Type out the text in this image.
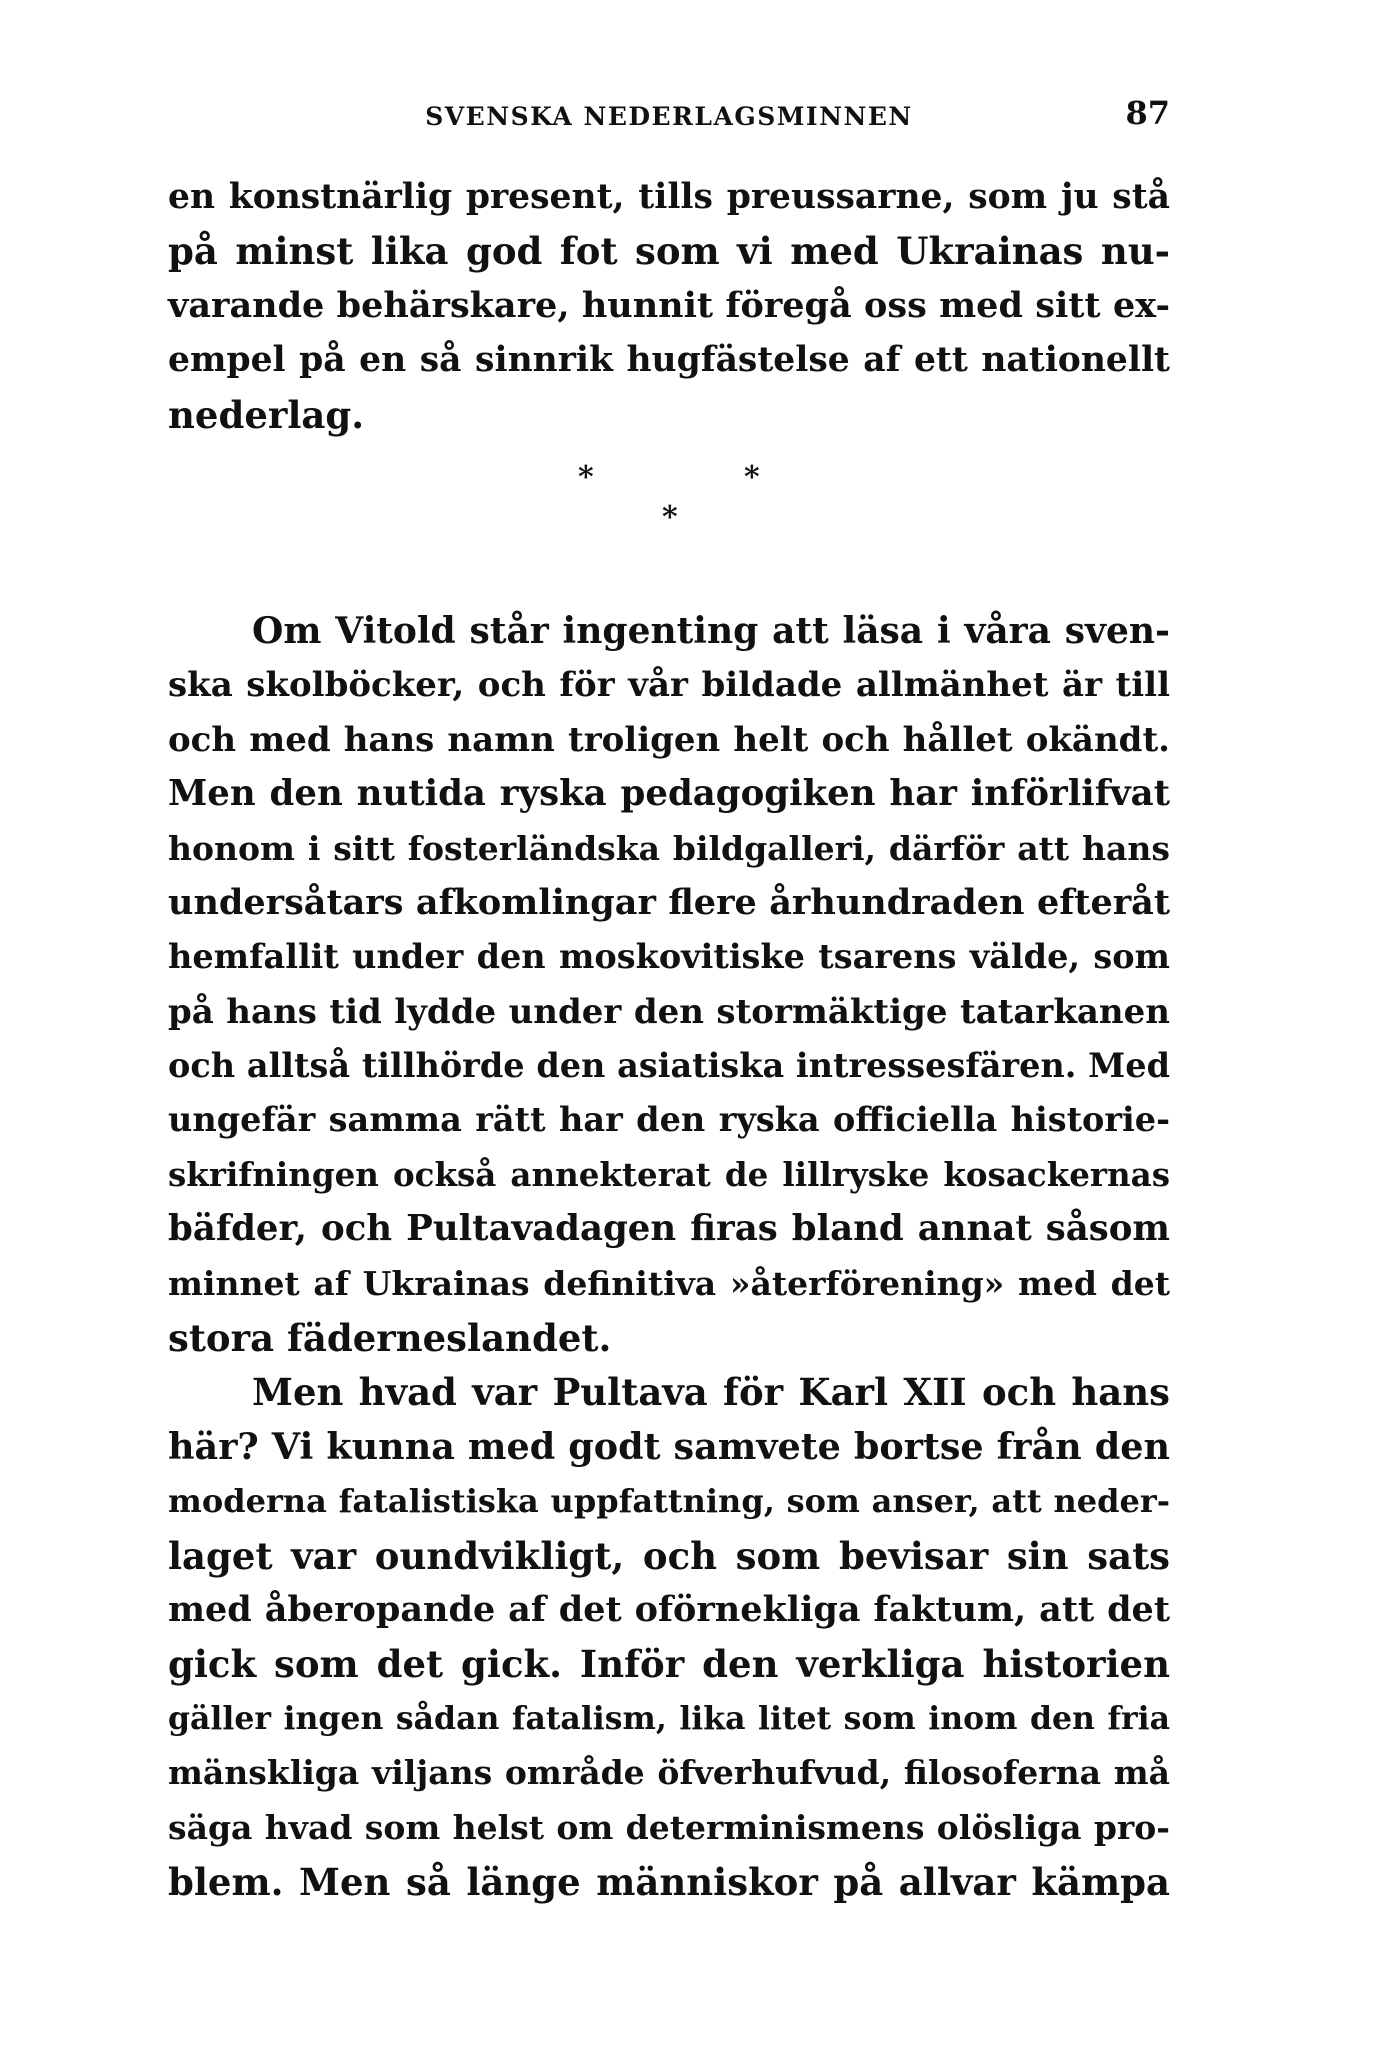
SVENSKA NEDERLAGSMINNEN	87
en konstnärlig present, tills preussarne, som ju stå
på minst lika god fot som vi med Ukrainas nu-
varande behärskare, hunnit föregå oss med sitt ex-
empel på en så sinnrik hugfästelse af ett nationellt
nederlag.
*	*
*
Om Vitold står ingenting att läsa i våra sven-
ska skolböcker, och för vår bildade allmänhet är till
och med hans namn troligen helt och hållet okändt.
Men den nutida ryska pedagogiken har införlifvat
honom i sitt fosterländska bildgalleri, därför att hans
undersåtars afkomlingar flere århundraden efteråt
hemfallit under den moskovitiske tsarens välde, som
på hans tid lydde under den stormäktige tatarkanen
och alltså tillhörde den asiatiska intressesfären. Med
ungefär samma rätt har den ryska officiella historie-
skrifningen också annekterat de lillryske kosackernas
bäfder, och Pultavadagen firas bland annat såsom
minnet af Ukrainas definitiva »återförening» med det
stora fäderneslandet.
Men hvad var Pultava för Karl XII och hans
här? Vi kunna med godt samvete bortse från den
moderna fatalistiska uppfattning, som anser, att neder-
laget var oundvikligt, och som bevisar sin sats
med åberopande af det oförnekliga faktum, att det
gick som det gick. Inför den verkliga historien
gäller ingen sådan fatalism, lika litet som inom den fria
mänskliga viljans område öfverhufvud, filosoferna må
säga hvad som helst om determinismens olösliga pro-
blem. Men så länge människor på allvar kämpa
